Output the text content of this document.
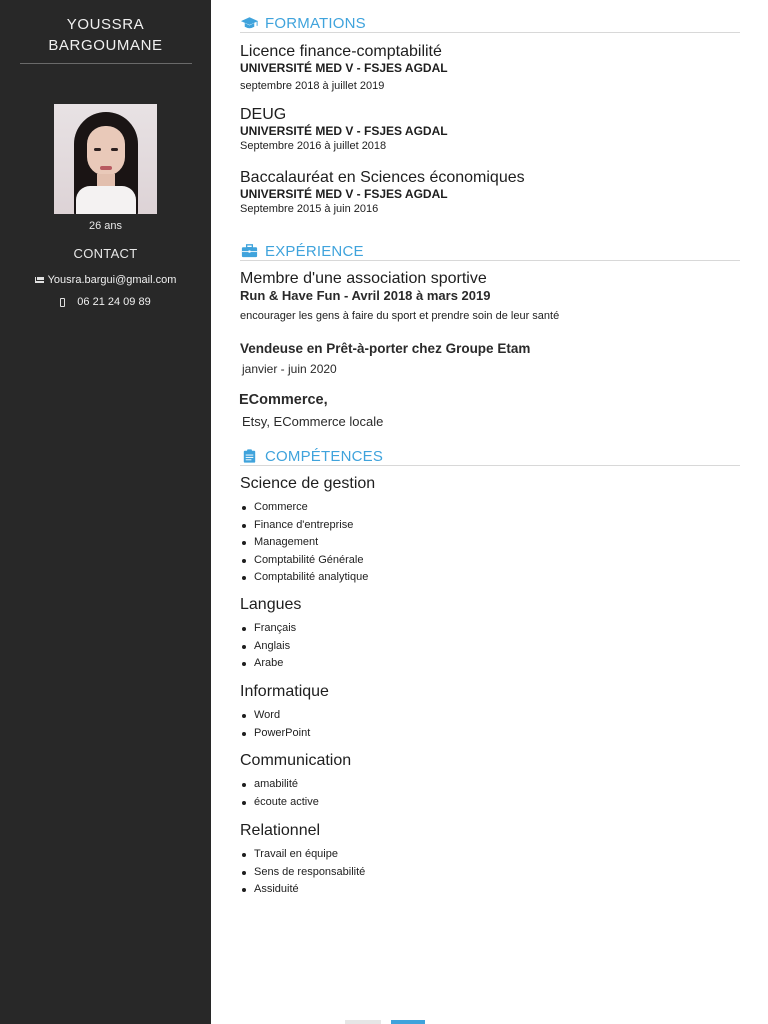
YOUSSRA
BARGOUMANE
26 ans
CONTACT
Yousra.bargui@gmail.com
06 21 24 09 89
FORMATIONS
Licence finance-comptabilité
UNIVERSITÉ MED V - FSJES AGDAL
septembre 2018 à juillet 2019
DEUG
UNIVERSITÉ MED V - FSJES AGDAL
Septembre 2016 à juillet 2018
Baccalauréat en Sciences économiques
UNIVERSITÉ MED V - FSJES AGDAL
Septembre 2015 à juin 2016
EXPÉRIENCE
Membre d'une association sportive
Run & Have Fun - Avril 2018 à mars 2019
encourager les gens à faire du sport et prendre soin de leur santé
Vendeuse en Prêt-à-porter chez Groupe Etam
janvier - juin 2020
ECommerce,
Etsy, ECommerce locale
COMPÉTENCES
Science de gestion
Commerce
Finance d'entreprise
Management
Comptabilité Générale
Comptabilité analytique
Langues
Français
Anglais
Arabe
Informatique
Word
PowerPoint
Communication
amabilité
écoute active
Relationnel
Travail en équipe
Sens de responsabilité
Assiduité
